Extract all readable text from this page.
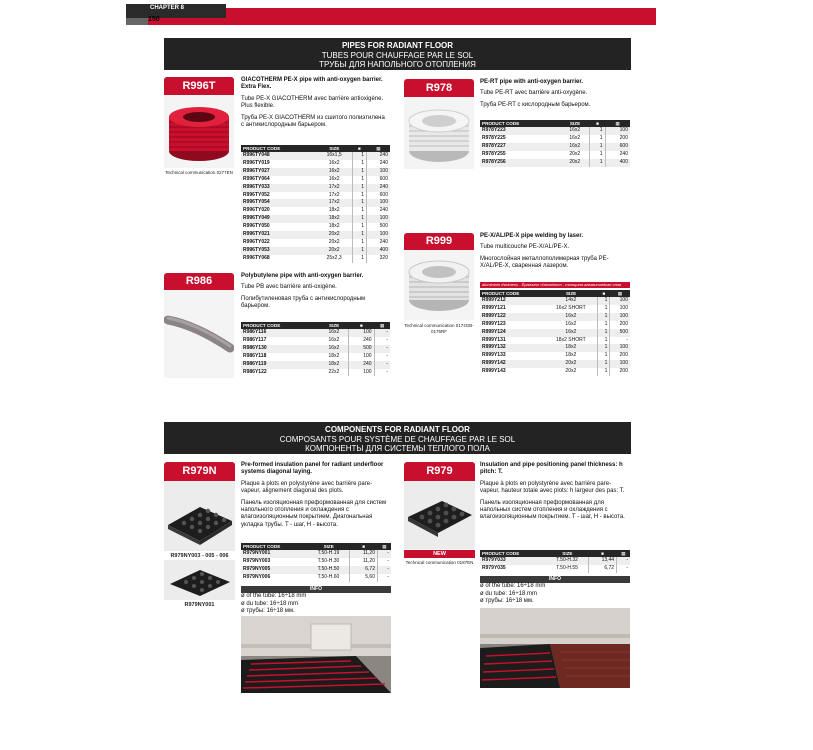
CHAPTER 8
150
PIPES FOR RADIANT FLOOR
TUBES POUR CHAUFFAGE PAR LE SOL
ТРУБЫ ДЛЯ НАПОЛЬНОГО ОТОПЛЕНИЯ
R996T
Technical communication 0277EN

GIACOTHERM PE-X pipe with anti-oxygen barrier. Extra Flex.

Tube PE-X GIACOTHERM avec barrière antioxigène. Plus flexible.

Труба PE-X GIACOTHERM из сшитого полиэтилена с антикислородным барьером.

PRODUCT CODE	SIZE	■	▦
R996TY048	16x1,5	1	240
R996TY019	16x2	1	240
R996TY027	16x2	1	100
R996TY064	16x2	1	600
R996TY033	17x2	1	240
R996TY052	17x2	1	600
R996TY054	17x2	1	100
R996TY020	18x2	1	240
R996TY049	18x2	1	100
R996TY050	18x2	1	500
R996TY021	20x2	1	100
R996TY022	20x2	1	240
R996TY053	20x2	1	400
R996TY068	25x2,3	1	320
R978	PE-RT pipe with anti-oxygen barrier.

Tube PE-RT avec barrière anti-oxygène.

Труба PE-RT с кислородным барьером.

PRODUCT CODE	SIZE	■	▦
R978Y223	16x2	1	100
R978Y225	16x2	1	200
R978Y227	16x2	1	600
R978Y255	20x2	1	240
R978Y256	20x2	1	400
R986	Polybutylene pipe with anti-oxygen barrier.

Tube PB avec barrière anti-oxigène.

Полибутиленовая труба с антикислородным барьером.

PRODUCT CODE	SIZE	■	▦
R986Y116	16x2	100	-
R986Y117	16x2	240	-
R986Y130	16x2	500	-
R986Y118	18x2	100	-
R986Y119	18x2	240	-
R986Y122	22x2	100	-
R999
Technical communication 0174GB-0175RF

PE-X/AL/PE-X pipe welding by laser.

Tube multicouche PE-X/AL/PE-X.

Многослойная металлополимерная труба PE-X/AL/PE-X, сваренная лазером.

aluminium thickness - Épaisseur d'aluminium - толщина алюминиевого слоя
PRODUCT CODE	SIZE	■	▦
R999Y212	14x2	1	100
R999Y121	16x2 SHORT	1	100
R999Y122	16x2	1	100
R999Y123	16x2	1	200
R999Y124	16x2	1	500
R999Y131	18x2 SHORT	1	-
R999Y132	18x2	1	100
R999Y133	18x2	1	200
R999Y142	20x2	1	100
R999Y143	20x2	1	200
COMPONENTS FOR RADIANT FLOOR
COMPOSANTS POUR SYSTÈME DE CHAUFFAGE PAR LE SOL
КОМПОНЕНТЫ ДЛЯ СИСТЕМЫ ТЕПЛОГО ПОЛА
R979N
R979NY003 - 005 - 006
R979NY001

Pre-formed insulation panel for radiant underfloor systems diagonal laying.

Plaque à plots en polystyrène avec barrière pare-vapeur, alignement diagonal des plots.

Панель изоляционная преформованная для систем напольного отопления и охлаждения с влагоизоляционным покрытием. Диагональная укладка трубы. T - шаг, H - высота.

PRODUCT CODE	SIZE	■	▦
R979NY001	T.50-H.19	11,20	-
R979NY003	T.50-H.30	11,20	-
R979NY005	T.50-H.50	6,72	-
R979NY006	T.50-H.60	5,60	-
INFO
ø of the tube: 16÷18 mm
ø du tube: 16÷18 mm
ø трубы: 16÷18 мм.
R979
NEW
Technical communication 0187EN

Insulation and pipe positioning panel thickness: h pitch: T.

Plaque à plots en polystyrène avec barrière pare-vapeur, hauteur totale avec plots: h largeur des pas: T.

Панель изоляционная преформованная для напольных систем отопления и охлаждения с влагоизоляционным покрытием. T - шаг, H - высота.

PRODUCT CODE	SIZE	■	▦
R979Y033	T.50-H.32	13,44	-
R979Y035	T.50-H.55	6,72	-
INFO
ø of the tube: 16÷18 mm
ø du tube: 16÷18 mm
ø трубы: 16÷18 мм.
